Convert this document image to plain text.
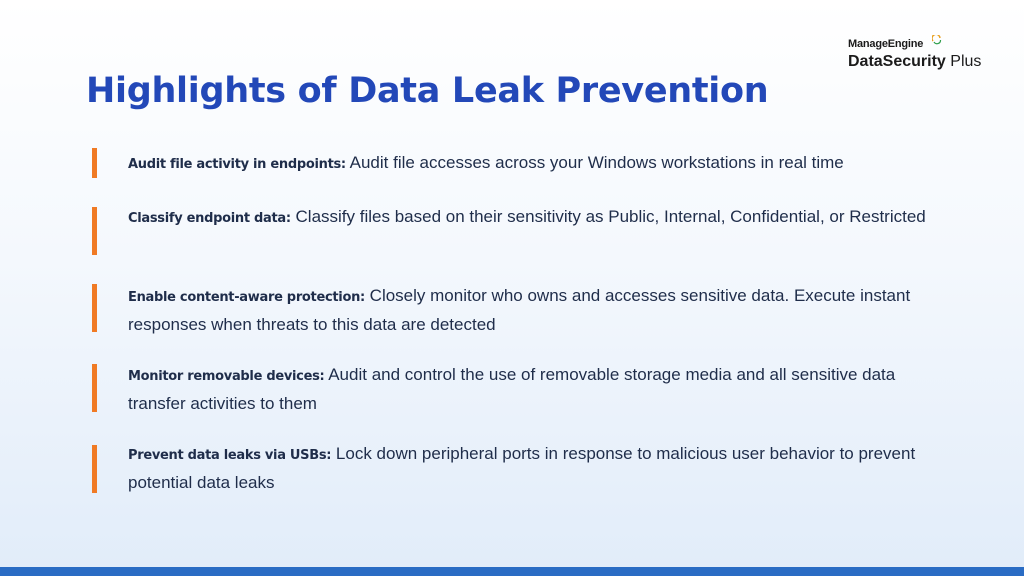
ManageEngine
DataSecurity Plus
Highlights of Data Leak Prevention
Audit file activity in endpoints: Audit file accesses across your Windows workstations in real time
Classify endpoint data: Classify files based on their sensitivity as Public, Internal, Confidential, or Restricted
Enable content-aware protection: Closely monitor who owns and accesses sensitive data. Execute instant responses when threats to this data are detected
Monitor removable devices: Audit and control the use of removable storage media and all sensitive data transfer activities to them
Prevent data leaks via USBs: Lock down peripheral ports in response to malicious user behavior to prevent potential data leaks
